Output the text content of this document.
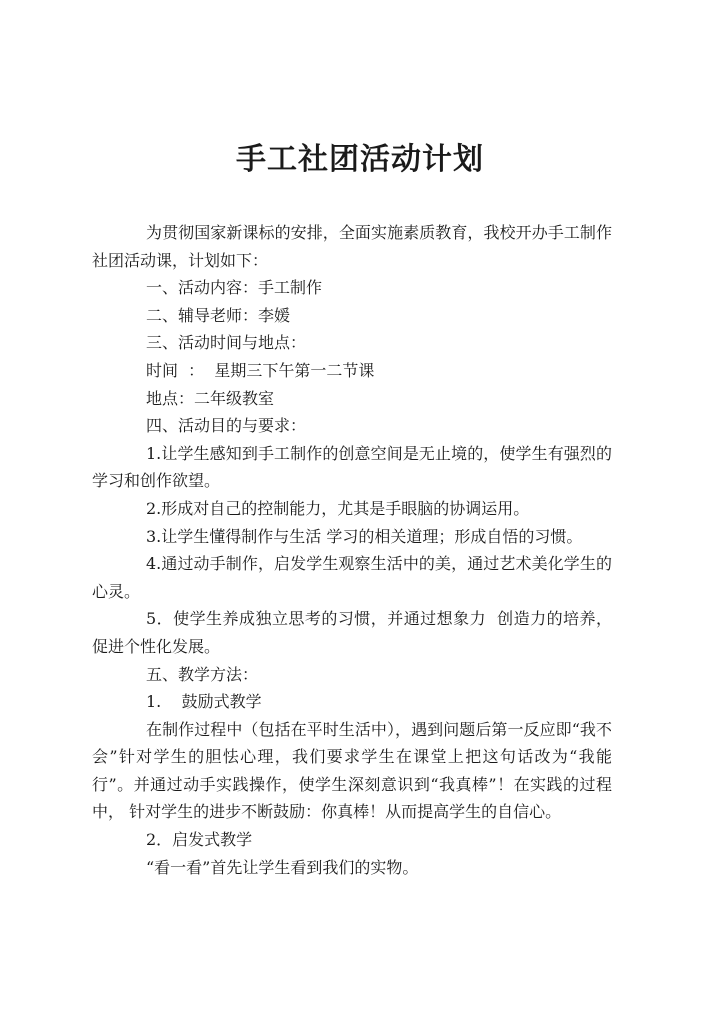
手工社团活动计划

为贯彻国家新课标的安排，全面实施素质教育，我校开办手工制作社团活动课，计划如下：

一、活动内容：手工制作

二、辅导老师：李媛

三、活动时间与地点：

时间  ：  星期三下午第一二节课

地点：二年级教室

四、活动目的与要求：

1.让学生感知到手工制作的创意空间是无止境的，使学生有强烈的学习和创作欲望。

2.形成对自己的控制能力，尤其是手眼脑的协调运用。

3.让学生懂得制作与生活 学习的相关道理；形成自悟的习惯。

4.通过动手制作，启发学生观察生活中的美，通过艺术美化学生的心灵。

5．使学生养成独立思考的习惯，并通过想象力  创造力的培养，促进个性化发展。

五、教学方法：

1.    鼓励式教学

在制作过程中（包括在平时生活中），遇到问题后第一反应即“我不会”针对学生的胆怯心理，我们要求学生在课堂上把这句话改为“我能行”。并通过动手实践操作，使学生深刻意识到“我真棒”！在实践的过程中， 针对学生的进步不断鼓励：你真棒！从而提高学生的自信心。

2．启发式教学

“看一看”首先让学生看到我们的实物。
